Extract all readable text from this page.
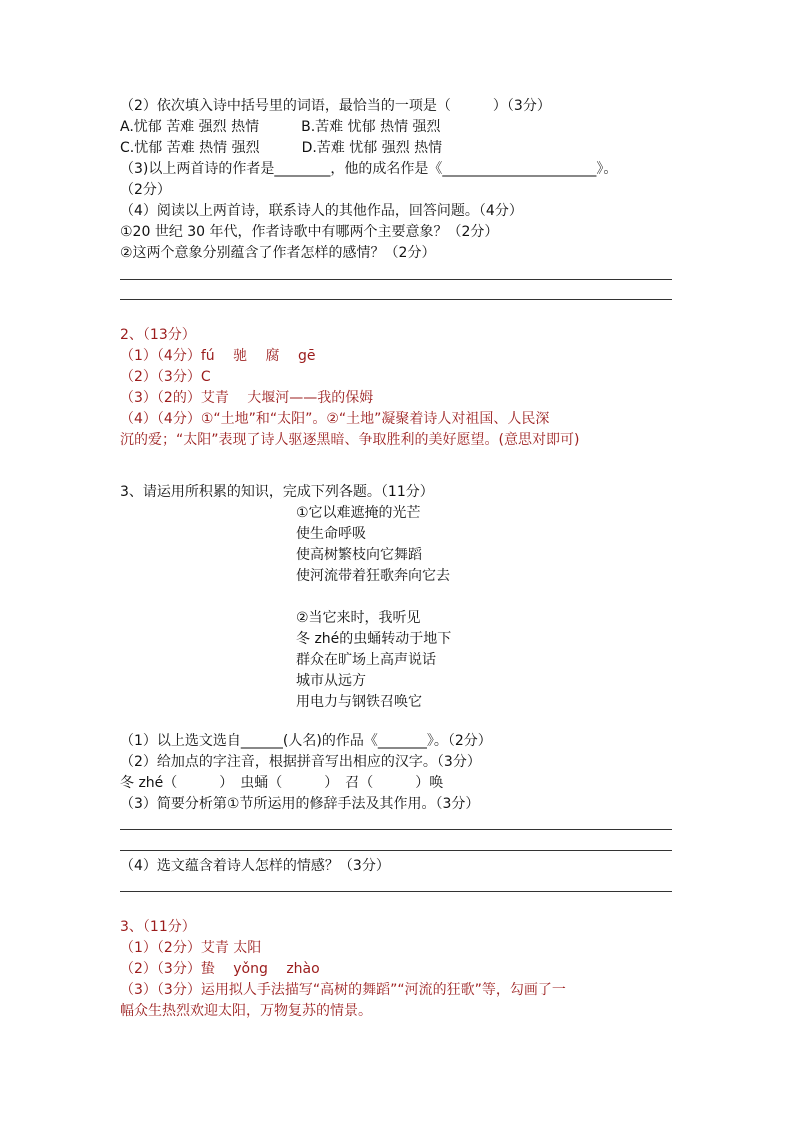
（2）依次填入诗中括号里的词语，最恰当的一项是（　　　）（3分）
A.忧郁 苦难 强烈 热情　　　B.苦难 忧郁 热情 强烈
C.忧郁 苦难 热情 强烈　　　D.苦难 忧郁 强烈 热情
（3)以上两首诗的作者是________，他的成名作是《______________________》。
（2分）
（4）阅读以上两首诗，联系诗人的其他作品，回答问题。（4分）
①20 世纪 30 年代，作者诗歌中有哪两个主要意象？（2分）
②这两个意象分别蕴含了作者怎样的感情？（2分）
2、（13分）
（1）（4分）fú　 驰　 腐　 gē
（2）（3分）C
（3）（2的）艾青　 大堰河——我的保姆
（4）（4分）①“土地”和“太阳”。②“土地”凝聚着诗人对祖国、人民深
沉的爱；“太阳”表现了诗人驱逐黑暗、争取胜利的美好愿望。(意思对即可)
3、请运用所积累的知识，完成下列各题。（11分）
①它以难遮掩的光芒
使生命呼吸
使高树繁枝向它舞蹈
使河流带着狂歌奔向它去
②当它来时，我听见
冬 zhé的虫蛹转动于地下
群众在旷场上高声说话
城市从远方
用电力与钢铁召唤它
（1）以上选文选自______(人名)的作品《_______》。（2分）
（2）给加点的字注音，根据拼音写出相应的汉字。（3分）
冬 zhé（　　　）　虫蛹（　　　）　召（　　　）唤
（3）简要分析第①节所运用的修辞手法及其作用。（3分）
（4）选文蕴含着诗人怎样的情感？（3分）
3、（11分）
（1）（2分）艾青 太阳
（2）（3分）蛰　 yǒng　 zhào
（3）（3分）运用拟人手法描写“高树的舞蹈”“河流的狂歌”等，勾画了一
幅众生热烈欢迎太阳，万物复苏的情景。
